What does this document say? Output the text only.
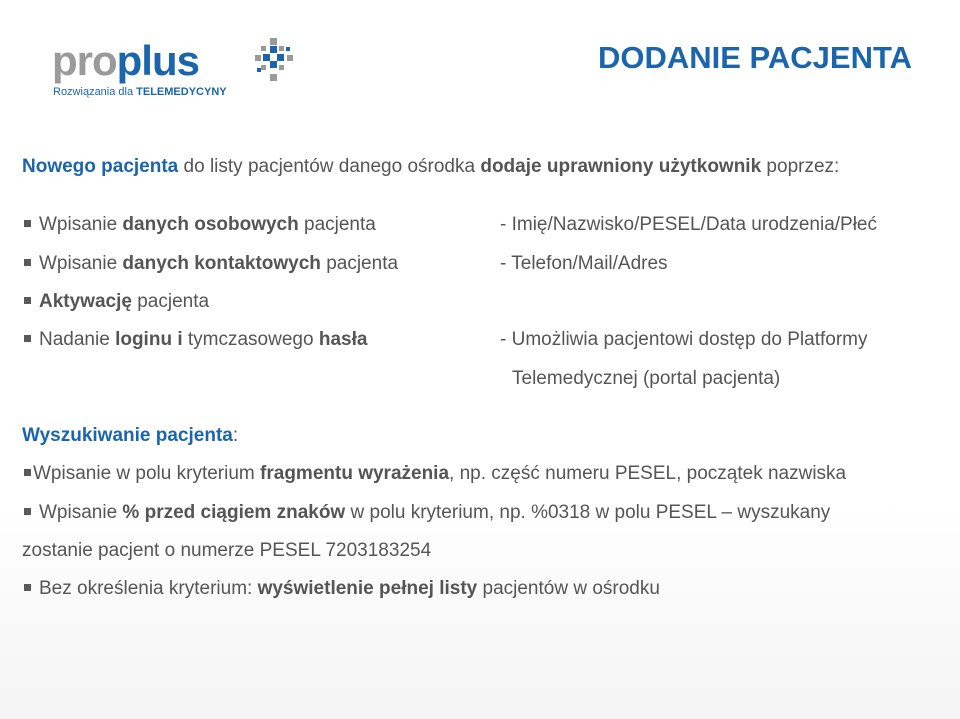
proplus
Rozwiązania dla TELEMEDYCYNY
DODANIE PACJENTA
Nowego pacjenta do listy pacjentów danego ośrodka dodaje uprawniony użytkownik poprzez:
Wpisanie danych osobowych pacjenta	- Imię/Nazwisko/PESEL/Data urodzenia/Płeć
Wpisanie danych kontaktowych pacjenta	- Telefon/Mail/Adres
Aktywację pacjenta
Nadanie loginu i tymczasowego hasła	- Umożliwia pacjentowi dostęp do Platformy
Telemedycznej (portal pacjenta)
Wyszukiwanie pacjenta:
Wpisanie w polu kryterium fragmentu wyrażenia, np. część numeru PESEL, początek nazwiska
Wpisanie % przed ciągiem znaków w polu kryterium, np. %0318 w polu PESEL – wyszukany
zostanie pacjent o numerze PESEL 7203183254
Bez określenia kryterium: wyświetlenie pełnej listy pacjentów w ośrodku
